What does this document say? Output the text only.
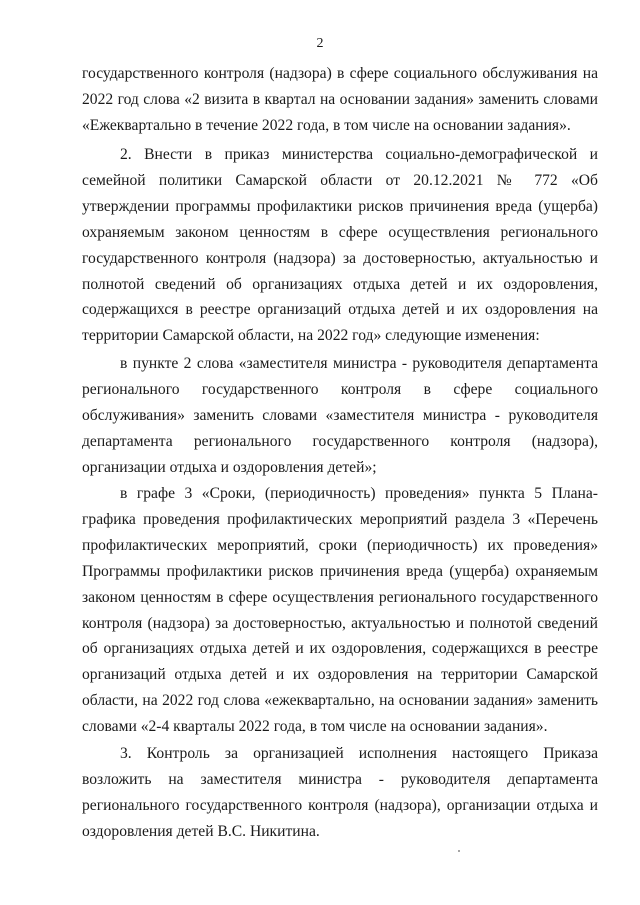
2

государственного контроля (надзора) в сфере социального обслуживания на 2022 год слова «2 визита в квартал на основании задания» заменить словами «Ежеквартально в течение 2022 года, в том числе на основании задания».

2. Внести в приказ министерства социально-демографической и семейной политики Самарской области от 20.12.2021 № 772 «Об утверждении программы профилактики рисков причинения вреда (ущерба) охраняемым законом ценностям в сфере осуществления регионального государственного контроля (надзора) за достоверностью, актуальностью и полнотой сведений об организациях отдыха детей и их оздоровления, содержащихся в реестре организаций отдыха детей и их оздоровления на территории Самарской области, на 2022 год» следующие изменения:

в пункте 2 слова «заместителя министра - руководителя департамента регионального государственного контроля в сфере социального обслуживания» заменить словами «заместителя министра - руководителя департамента регионального государственного контроля (надзора), организации отдыха и оздоровления детей»;

в графе 3 «Сроки, (периодичность) проведения» пункта 5 Плана-графика проведения профилактических мероприятий раздела 3 «Перечень профилактических мероприятий, сроки (периодичность) их проведения» Программы профилактики рисков причинения вреда (ущерба) охраняемым законом ценностям в сфере осуществления регионального государственного контроля (надзора) за достоверностью, актуальностью и полнотой сведений об организациях отдыха детей и их оздоровления, содержащихся в реестре организаций отдыха детей и их оздоровления на территории Самарской области, на 2022 год слова «ежеквартально, на основании задания» заменить словами «2-4 кварталы 2022 года, в том числе на основании задания».

3. Контроль за организацией исполнения настоящего Приказа возложить на заместителя министра - руководителя департамента регионального государственного контроля (надзора), организации отдыха и оздоровления детей В.С. Никитина.
